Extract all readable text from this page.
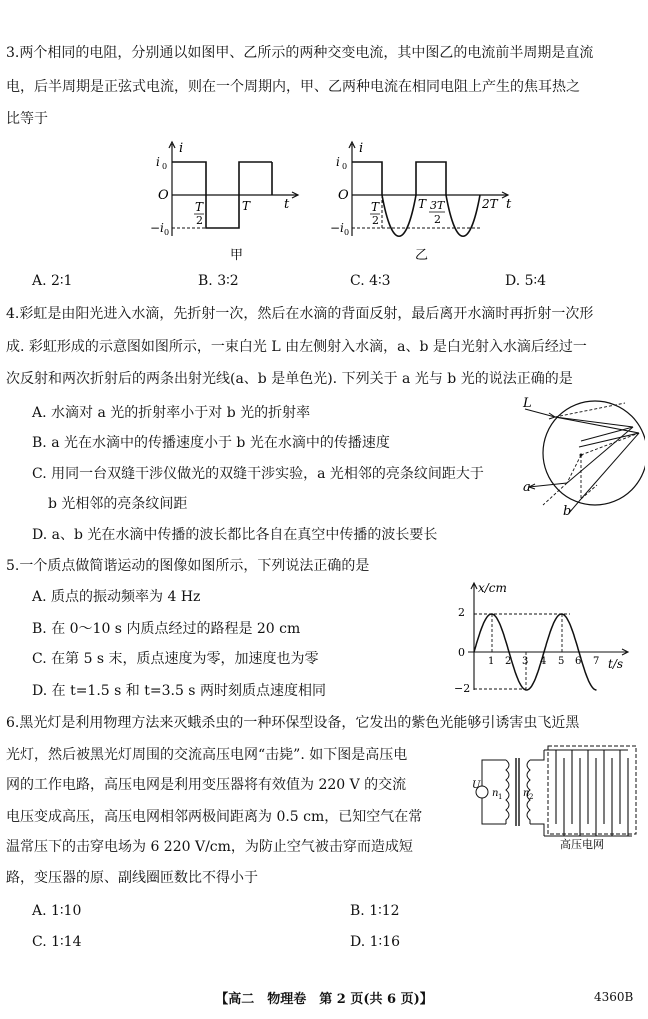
3.两个相同的电阻，分别通以如图甲、乙所示的两种交变电流，其中图乙的电流前半周期是直流
电，后半周期是正弦式电流，则在一个周期内，甲、乙两种电流在相同电阻上产生的焦耳热之
比等于
i
i 0
O
−i 0
T
2
T	t
甲
i
i 0
O
−i 0
T
2
T 3T
2
2T t
乙
A. 2∶1	B. 3∶2	C. 4∶3	D. 5∶4
4.彩虹是由阳光进入水滴，先折射一次，然后在水滴的背面反射，最后离开水滴时再折射一次形
成. 彩虹形成的示意图如图所示，一束白光 L 由左侧射入水滴，a、b 是白光射入水滴后经过一
次反射和两次折射后的两条出射光线(a、b 是单色光). 下列关于 a 光与 b 光的说法正确的是
A. 水滴对 a 光的折射率小于对 b 光的折射率
B. a 光在水滴中的传播速度小于 b 光在水滴中的传播速度
C. 用同一台双缝干涉仪做光的双缝干涉实验，a 光相邻的亮条纹间距大于
b 光相邻的亮条纹间距
D. a、b 光在水滴中传播的波长都比各自在真空中传播的波长要长
L
a
b
5.一个质点做简谐运动的图像如图所示，下列说法正确的是
A. 质点的振动频率为 4 Hz
B. 在 0～10 s 内质点经过的路程是 20 cm
C. 在第 5 s 末，质点速度为零，加速度也为零
D. 在 t=1.5 s 和 t=3.5 s 两时刻质点速度相同
x/cm
2
0
−2
1 2 3 4 5 6 7 t/s
6.黑光灯是利用物理方法来灭蛾杀虫的一种环保型设备，它发出的紫色光能够引诱害虫飞近黑
光灯，然后被黑光灯周围的交流高压电网“击毙”. 如下图是高压电
网的工作电路，高压电网是利用变压器将有效值为 220 V 的交流
电压变成高压，高压电网相邻两极间距离为 0.5 cm，已知空气在常
温常压下的击穿电场为 6 220 V/cm，为防止空气被击穿而造成短
路，变压器的原、副线圈匝数比不得小于
U
n 1 n 2
高压电网
A. 1∶10	B. 1∶12
C. 1∶14	D. 1∶16
【高二　物理卷　第 2 页(共 6 页)】	4360B
